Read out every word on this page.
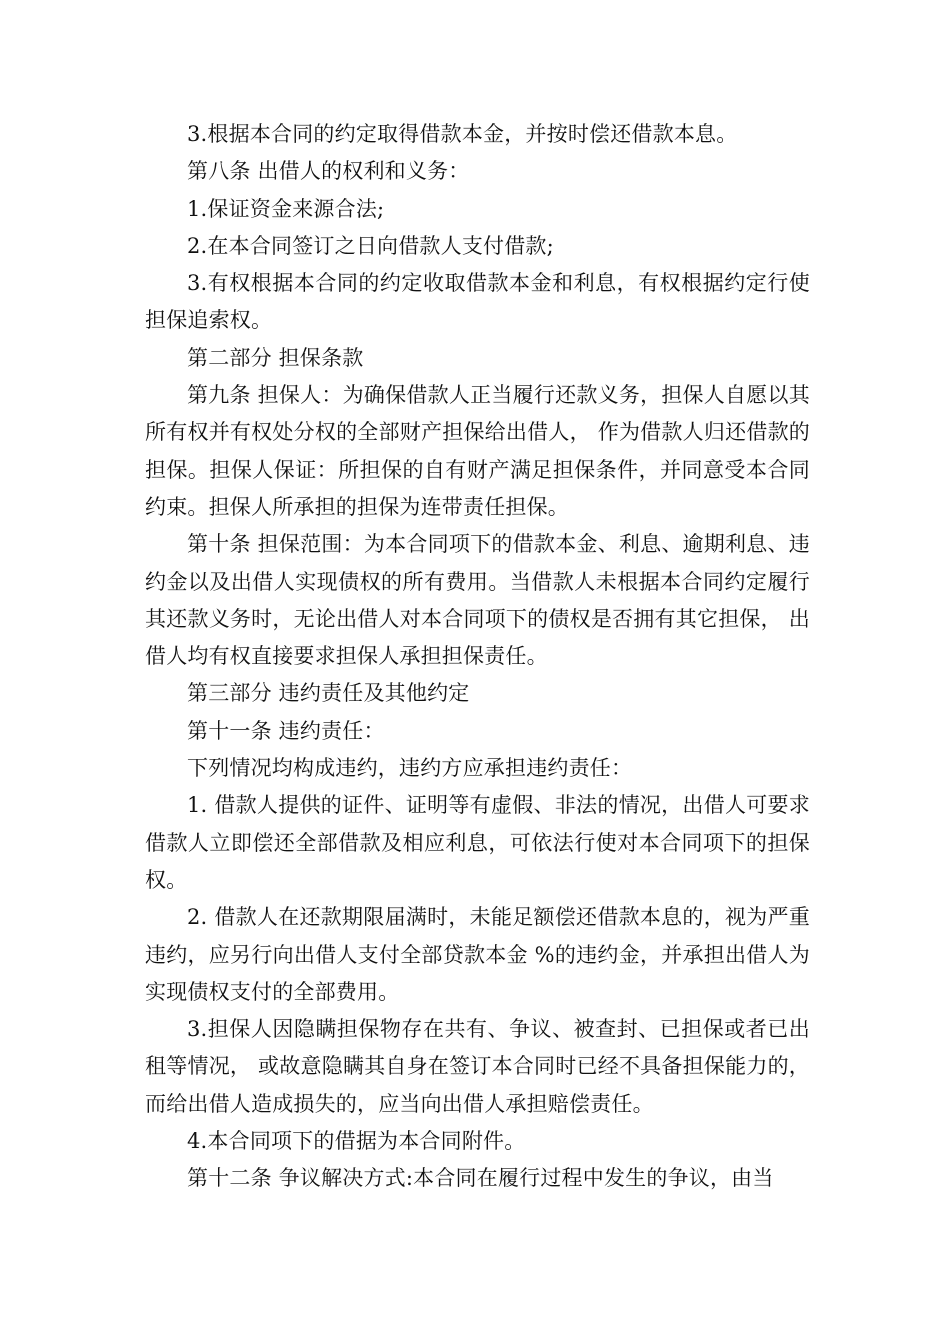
3.根据本合同的约定取得借款本金，并按时偿还借款本息。

第八条 出借人的权利和义务：

1.保证资金来源合法;

2.在本合同签订之日向借款人支付借款;

3.有权根据本合同的约定收取借款本金和利息，有权根据约定行使担保追索权。

第二部分 担保条款

第九条 担保人：为确保借款人正当履行还款义务，担保人自愿以其所有权并有权处分权的全部财产担保给出借人， 作为借款人归还借款的担保。担保人保证：所担保的自有财产满足担保条件，并同意受本合同约束。担保人所承担的担保为连带责任担保。

第十条 担保范围：为本合同项下的借款本金、利息、逾期利息、违约金以及出借人实现债权的所有费用。当借款人未根据本合同约定履行其还款义务时，无论出借人对本合同项下的债权是否拥有其它担保， 出借人均有权直接要求担保人承担担保责任。

第三部分 违约责任及其他约定

第十一条 违约责任：

下列情况均构成违约，违约方应承担违约责任：

1. 借款人提供的证件、证明等有虚假、非法的情况，出借人可要求借款人立即偿还全部借款及相应利息，可依法行使对本合同项下的担保权。

2. 借款人在还款期限届满时，未能足额偿还借款本息的，视为严重违约，应另行向出借人支付全部贷款本金 %的违约金，并承担出借人为实现债权支付的全部费用。

3.担保人因隐瞒担保物存在共有、争议、被查封、已担保或者已出租等情况， 或故意隐瞒其自身在签订本合同时已经不具备担保能力的，而给出借人造成损失的，应当向出借人承担赔偿责任。

4.本合同项下的借据为本合同附件。

第十二条 争议解决方式:本合同在履行过程中发生的争议，由当
